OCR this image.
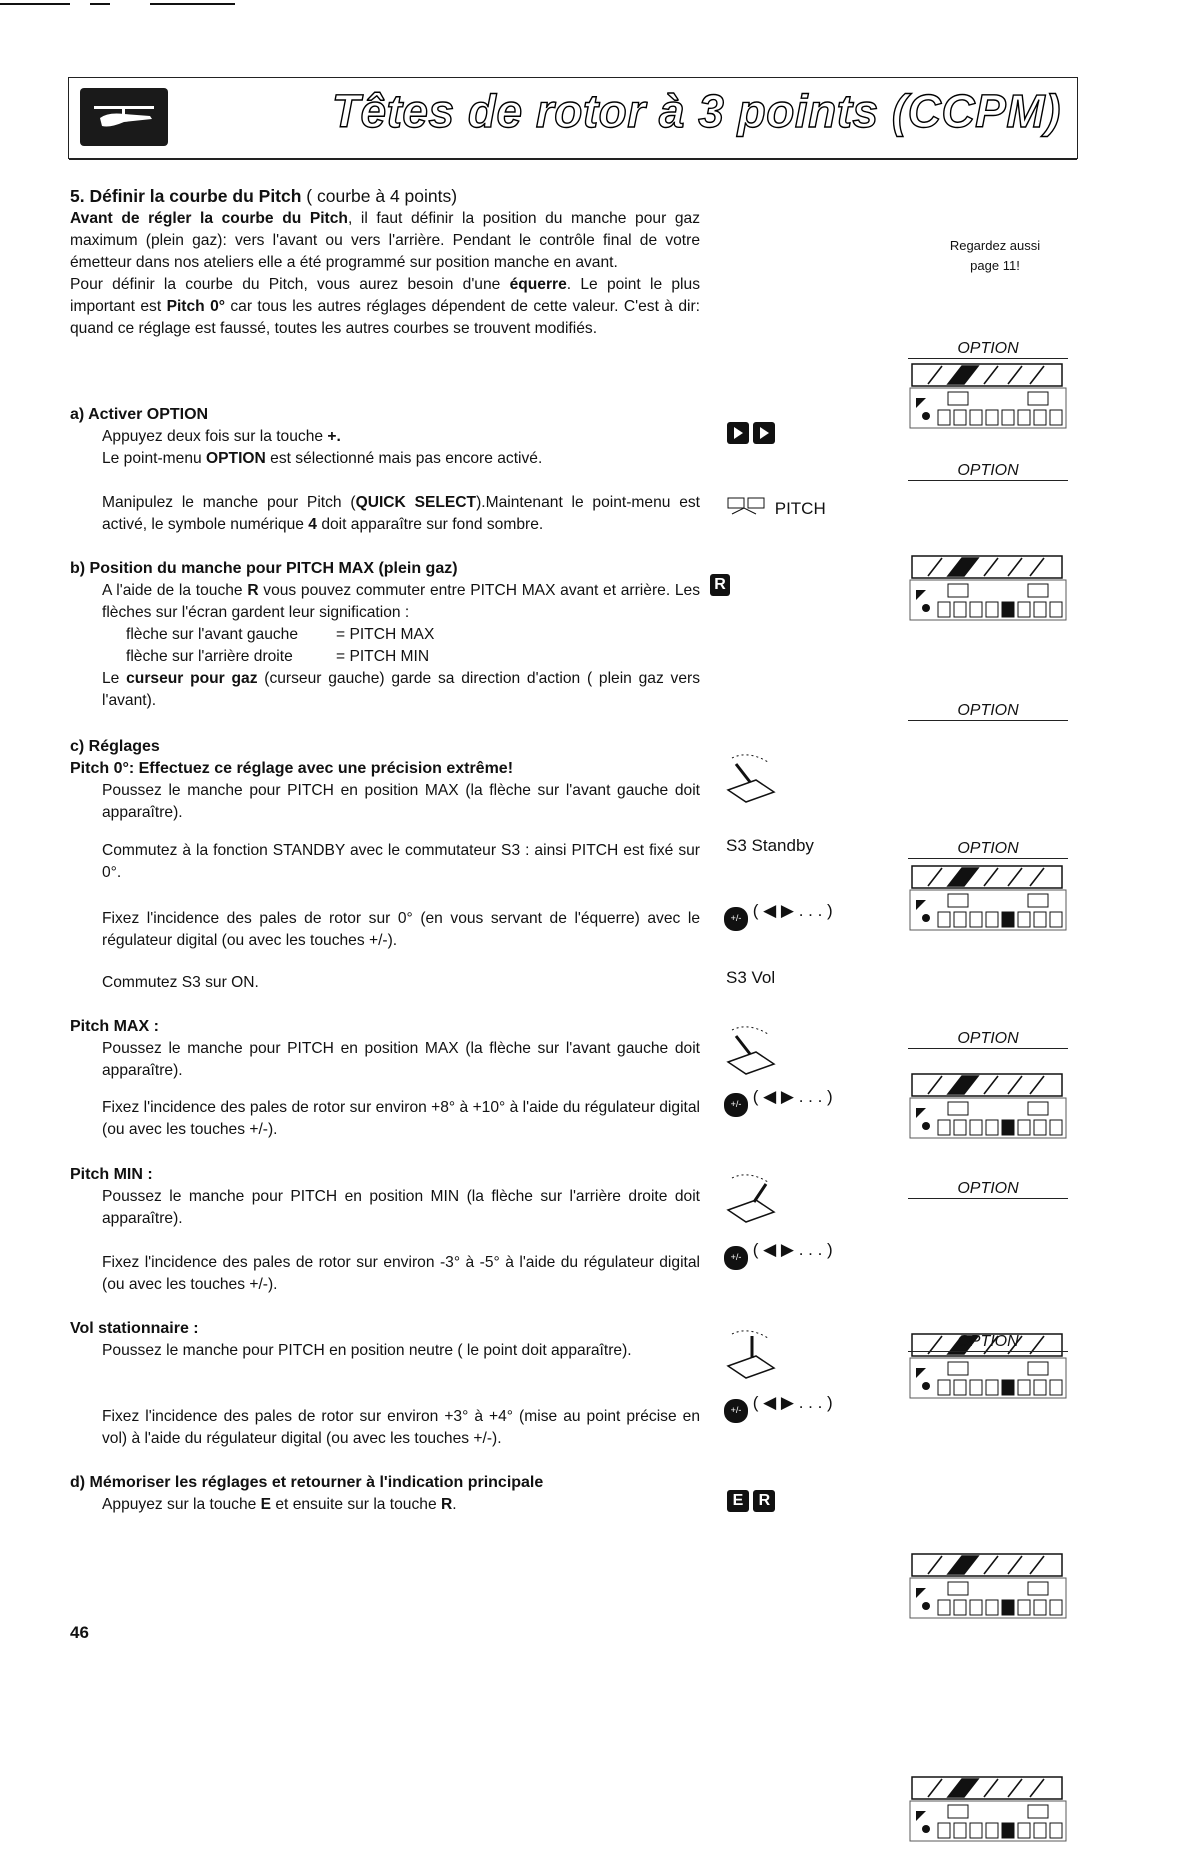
Têtes de rotor à 3 points (CCPM)
Regardez aussi
page 11!

5. Définir la courbe du Pitch ( courbe à 4 points)

Avant de régler la courbe du Pitch, il faut définir la position du manche pour gaz maximum (plein gaz): vers l'avant ou vers l'arrière. Pendant le contrôle final de votre émetteur dans nos ateliers elle a été programmé sur position manche en avant.

Pour définir la courbe du Pitch, vous aurez besoin d'une équerre. Le point le plus important est Pitch 0° car tous les autres réglages dépendent de cette valeur. C'est à dir: quand ce réglage est faussé, toutes les autres courbes se trouvent modifiés.

a) Activer OPTION

Appuyez deux fois sur la touche +.

Le point-menu OPTION est sélectionné mais pas encore activé.

Manipulez le manche pour Pitch (QUICK SELECT).Maintenant le point-menu est activé, le symbole numérique 4 doit apparaître sur fond sombre.

b) Position du manche pour PITCH MAX (plein gaz)

A l'aide de la touche R vous pouvez commuter entre PITCH MAX avant et arrière. Les flèches sur l'écran gardent leur signification :

flèche sur l'avant gauche = PITCH MAX

flèche sur l'arrière droite	= PITCH MIN

Le curseur pour gaz (curseur gauche) garde sa direction d'action ( plein gaz vers l'avant).

c) Réglages

Pitch 0°: Effectuez ce réglage avec une précision extrême!

Poussez le manche pour PITCH en position MAX (la flèche sur l'avant gauche doit apparaître).

Commutez à la fonction STANDBY avec le commutateur S3 : ainsi PITCH est fixé sur 0°.
Fixez l'incidence des pales de rotor sur 0° (en vous servant de l'équerre) avec le régulateur digital (ou avec les touches +/-).
Commutez S3 sur ON.

Pitch MAX :

Poussez le manche pour PITCH en position MAX (la flèche sur l'avant gauche doit apparaître).

Fixez l'incidence des pales de rotor sur environ +8° à +10° à l'aide du régulateur digital (ou avec les touches +/-).

Pitch MIN :

Poussez le manche pour PITCH en position MIN (la flèche sur l'arrière droite doit apparaître).

Fixez l'incidence des pales de rotor sur environ -3° à -5° à l'aide du régulateur digital (ou avec les touches +/-).

Vol stationnaire :

Poussez le manche pour PITCH en position neutre ( le point doit apparaître).

Fixez l'incidence des pales de rotor sur environ +3° à +4° (mise au point précise en vol) à l'aide du régulateur digital (ou avec les touches +/-).

d) Mémoriser les réglages et retourner à l'indication principale

Appuyez sur la touche E et ensuite sur la touche R.

PITCH
R
S3 Standby
S3 Vol
+/- ( ◀ ▶ . . . )
+/- ( ◀ ▶ . . . )
+/- ( ◀ ▶ . . . )
+/- ( ◀ ▶ . . . )
E R
OPTION
OPTION
OPTION
OPTION
OPTION
OPTION
OPTION
46
